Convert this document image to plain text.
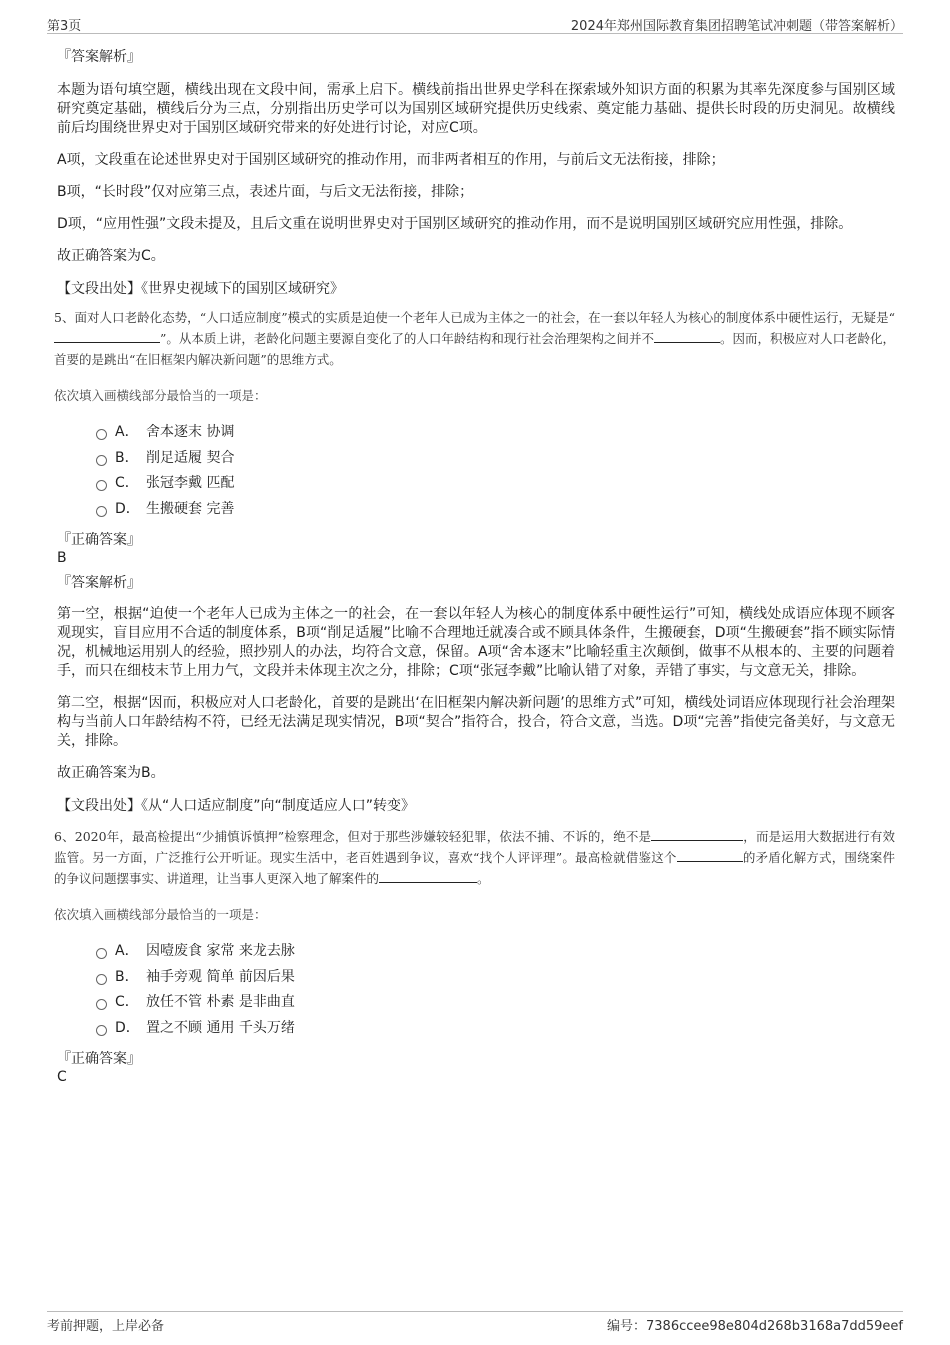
第3页	2024年郑州国际教育集团招聘笔试冲刺题（带答案解析）
『答案解析』

本题为语句填空题，横线出现在文段中间，需承上启下。横线前指出世界史学科在探索域外知识方面的积累为其率先深度参与国别区域研究奠定基础，横线后分为三点，分别指出历史学可以为国别区域研究提供历史线索、奠定能力基础、提供长时段的历史洞见。故横线前后均围绕世界史对于国别区域研究带来的好处进行讨论，对应C项。

A项，文段重在论述世界史对于国别区域研究的推动作用，而非两者相互的作用，与前后文无法衔接，排除；

B项，“长时段”仅对应第三点，表述片面，与后文无法衔接，排除；

D项，“应用性强”文段未提及，且后文重在说明世界史对于国别区域研究的推动作用，而不是说明国别区域研究应用性强，排除。

故正确答案为C。

【文段出处】《世界史视域下的国别区域研究》
5、面对人口老龄化态势，“人口适应制度”模式的实质是迫使一个老年人已成为主体之一的社会，在一套以年轻人为核心的制度体系中硬性运行，无疑是“”。从本质上讲，老龄化问题主要源自变化了的人口年龄结构和现行社会治理架构之间并不	。因而，积极应对人口老龄化，首要的是跳出“在旧框架内解决新问题”的思维方式。
依次填入画横线部分最恰当的一项是：
A． 舍本逐末 协调
B． 削足适履 契合
C． 张冠李戴 匹配
D． 生搬硬套 完善
『正确答案』
B
『答案解析』

第一空，根据“迫使一个老年人已成为主体之一的社会，在一套以年轻人为核心的制度体系中硬性运行”可知，横线处成语应体现不顾客观现实，盲目应用不合适的制度体系，B项“削足适履”比喻不合理地迁就凑合或不顾具体条件，生搬硬套，D项“生搬硬套”指不顾实际情况，机械地运用别人的经验，照抄别人的办法，均符合文意，保留。A项“舍本逐末”比喻轻重主次颠倒，做事不从根本的、主要的问题着手，而只在细枝末节上用力气，文段并未体现主次之分，排除；C项“张冠李戴”比喻认错了对象，弄错了事实，与文意无关，排除。

第二空，根据“因而，积极应对人口老龄化，首要的是跳出‘在旧框架内解决新问题’的思维方式”可知，横线处词语应体现现行社会治理架构与当前人口年龄结构不符，已经无法满足现实情况，B项“契合”指符合，投合，符合文意，当选。D项“完善”指使完备美好，与文意无关，排除。

故正确答案为B。

【文段出处】《从“人口适应制度”向“制度适应人口”转变》
6、2020年，最高检提出“少捕慎诉慎押”检察理念，但对于那些涉嫌较轻犯罪，依法不捕、不诉的，绝不是	，而是运用大数据进行有效监管。另一方面，广泛推行公开听证。现实生活中，老百姓遇到争议，喜欢“找个人评评理”。最高检就借鉴这个	的矛盾化解方式，围绕案件的争议问题摆事实、讲道理，让当事人更深入地了解案件的	。
依次填入画横线部分最恰当的一项是：
A． 因噎废食 家常 来龙去脉
B． 袖手旁观 简单 前因后果
C． 放任不管 朴素 是非曲直
D． 置之不顾 通用 千头万绪
『正确答案』
C
考前押题，上岸必备	编号：7386ccee98e804d268b3168a7dd59eef
